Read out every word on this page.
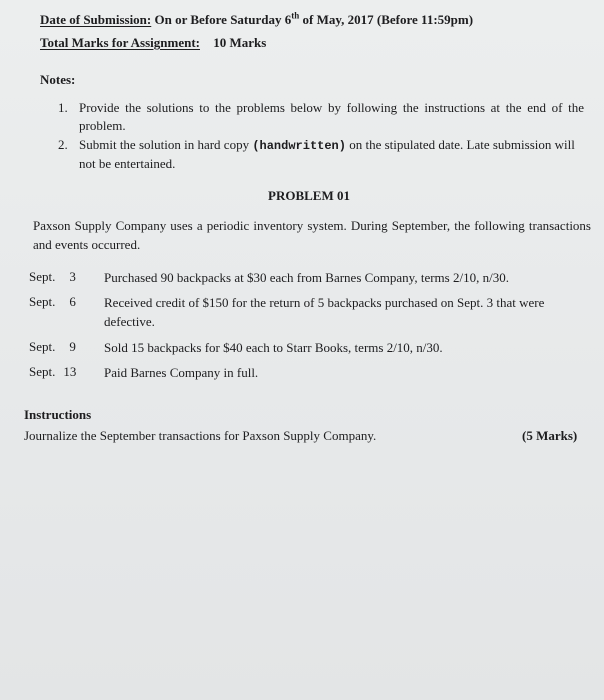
Date of Submission: On or Before Saturday 6th of May, 2017 (Before 11:59pm)
Total Marks for Assignment: 10 Marks
Notes:
1. Provide the solutions to the problems below by following the instructions at the end of the problem.
2. Submit the solution in hard copy (handwritten) on the stipulated date. Late submission will not be entertained.
PROBLEM 01
Paxson Supply Company uses a periodic inventory system. During September, the following transactions and events occurred.
Sept. 3 Purchased 90 backpacks at $30 each from Barnes Company, terms 2/10, n/30.
Sept. 6 Received credit of $150 for the return of 5 backpacks purchased on Sept. 3 that were defective.
Sept. 9 Sold 15 backpacks for $40 each to Starr Books, terms 2/10, n/30.
Sept. 13 Paid Barnes Company in full.
Instructions
Journalize the September transactions for Paxson Supply Company.	(5 Marks)
